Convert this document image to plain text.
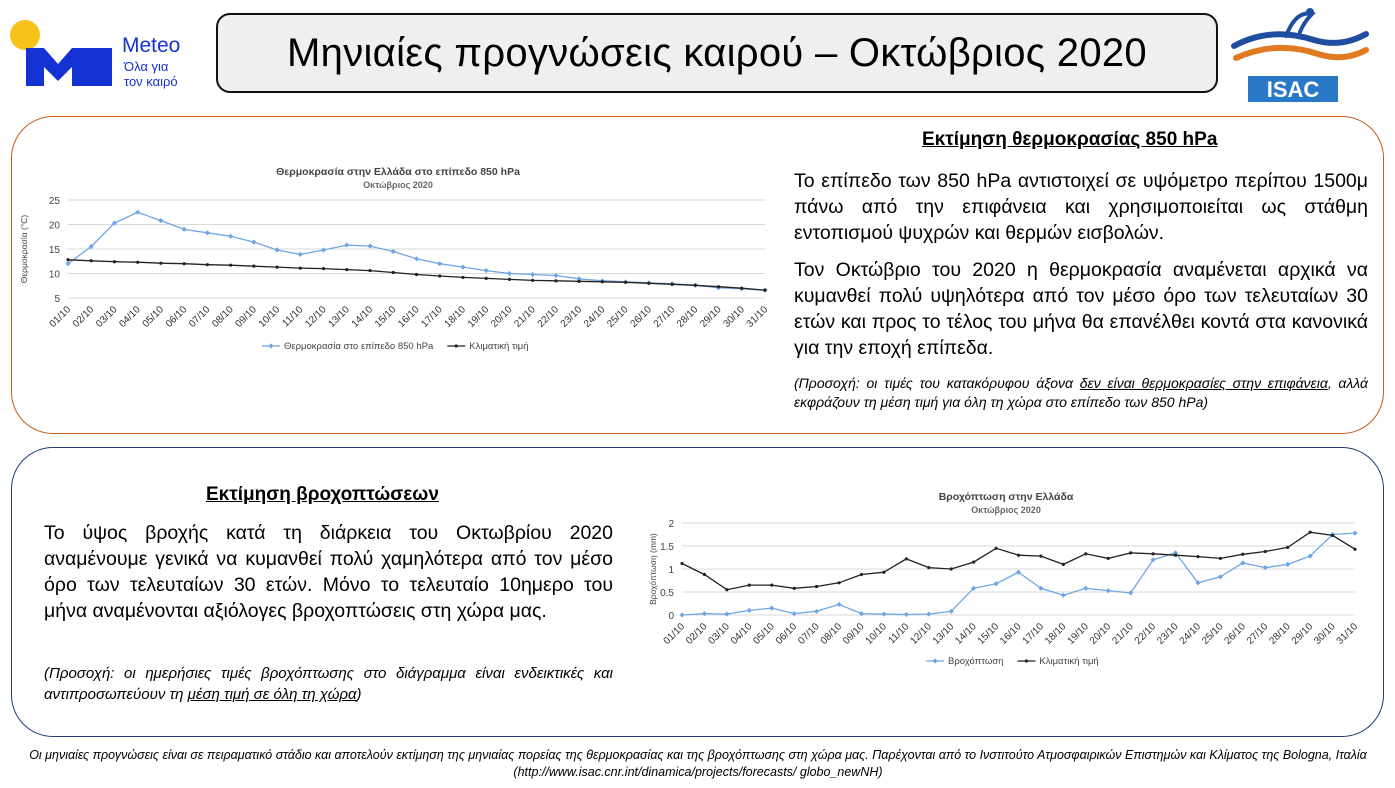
Meteo
Όλα για
τον καιρό
Μηνιαίες προγνώσεις καιρού – Οκτώβριος 2020
ISAC
Εκτίμηση θερμοκρασίας 850 hPa

Το επίπεδο των 850 hPa αντιστοιχεί σε υψόμετρο περίπου 1500μ πάνω από την επιφάνεια και χρησιμοποιείται ως στάθμη εντοπισμού ψυχρών και θερμών εισβολών.

Τον Οκτώβριο του 2020 η θερμοκρασία αναμένεται αρχικά να κυμανθεί πολύ υψηλότερα από τον μέσο όρο των τελευταίων 30 ετών και προς το τέλος του μήνα θα επανέλθει κοντά στα κανονικά για την εποχή επίπεδα.

(Προσοχή: οι τιμές του κατακόρυφου άξονα δεν είναι θερμοκρασίες στην επιφάνεια, αλλά εκφράζουν τη μέση τιμή για όλη τη χώρα στο επίπεδο των 850 hPa)

Θερμοκρασία στην Ελλάδα στο επίπεδο 850 hPa
Οκτώβριος 2020
5
10
15
20
25
Θερμοκρασία (°C)
01/10
02/10
03/10
04/10
05/10
06/10
07/10
08/10
09/10
10/10
11/10
12/10
13/10
14/10
15/10
16/10
17/10
18/10
19/10
20/10
21/10
22/10
23/10
24/10
25/10
26/10
27/10
28/10
29/10
30/10
31/10
Θερμοκρασία στο επίπεδο 850 hPa	Κλιματική τιμή
Εκτίμηση βροχοπτώσεων

Το ύψος βροχής κατά τη διάρκεια του Οκτωβρίου 2020 αναμένουμε γενικά να κυμανθεί πολύ χαμηλότερα από τον μέσο όρο των τελευταίων 30 ετών. Μόνο το τελευταίο 10ημερο του μήνα αναμένονται αξιόλογες βροχοπτώσεις στη χώρα μας.

(Προσοχή: οι ημερήσιες τιμές βροχόπτωσης στο διάγραμμα είναι ενδεικτικές και αντιπροσωπεύουν τη μέση τιμή σε όλη τη χώρα)

Βροχόπτωση στην Ελλάδα
Οκτώβριος 2020
0
0.5
1
1.5
2
Βροχόπτωση (mm)
01/10
02/10
03/10
04/10
05/10
06/10
07/10
08/10
09/10
10/10
11/10
12/10
13/10
14/10
15/10
16/10
17/10
18/10
19/10
20/10
21/10
22/10
23/10
24/10
25/10
26/10
27/10
28/10
29/10
30/10
31/10
Βροχόπτωση	Κλιματική τιμή
Οι μηνιαίες προγνώσεις είναι σε πειραματικό στάδιο και αποτελούν εκτίμηση της μηνιαίας πορείας της θερμοκρασίας και της βροχόπτωσης στη χώρα μας. Παρέχονται από το Ινστιτούτο Ατμοσφαιρικών Επιστημών και Κλίματος της Bologna, Ιταλία (http://www.isac.cnr.int/dinamica/projects/forecasts/ globo_newNH)
